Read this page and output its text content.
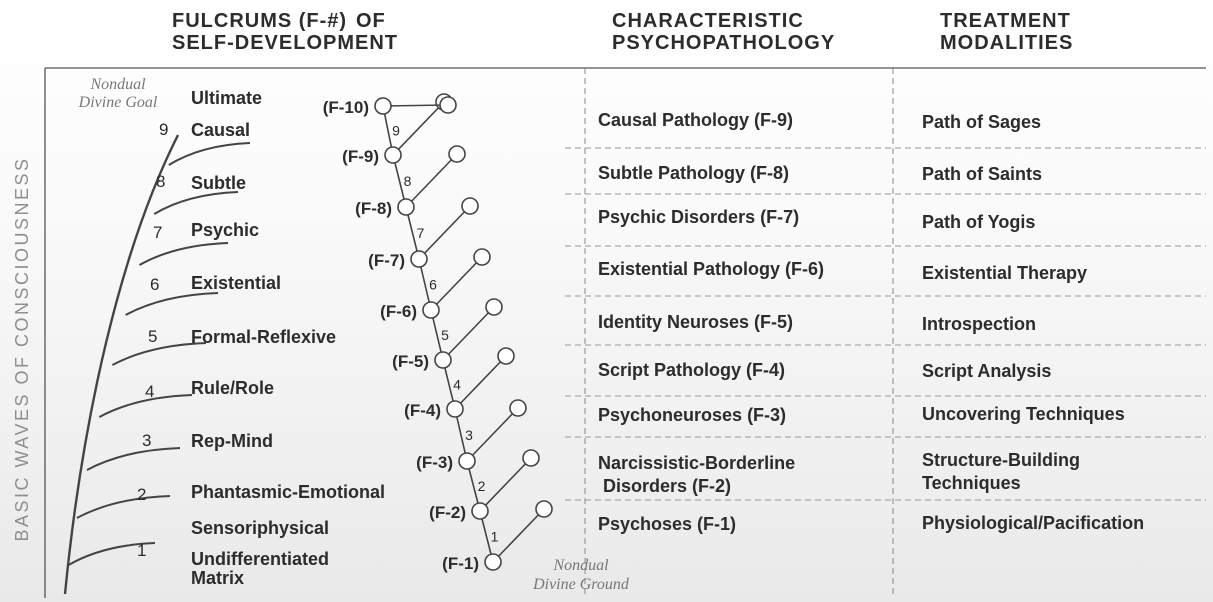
FULCRUMS (F-#)
SELF-DEVELOPMENT
OF	CHARACTERISTIC
PSYCHOPATHOLOGY
TREATMENT
MODALITIES
BASIC WAVES OF CONSCIOUSNESS
1 Undifferentiated
Matrix
Sensoriphysical
2 Phantasmic-Emotional
3 Rep-Mind
4 Rule/Role
5 Formal-Reflexive
6 Existential
7 Psychic
8 Subtle
9 Causal
Ultimate
Nondual
Divine Goal
Nondual
Divine Ground
(F-1)
(F-2)
(F-3)
(F-4)
(F-5)
(F-6)
(F-7)
(F-8)
(F-9)
(F-10)
1
2
3
4
5
6
7
8
9
Causal Pathology (F-9)
Subtle Pathology (F-8)
Psychic Disorders (F-7)
Existential Pathology (F-6)
Identity Neuroses (F-5)
Script Pathology (F-4)
Psychoneuroses (F-3)
Narcissistic-Borderline
Disorders (F-2)
Psychoses (F-1)
Path of Sages
Path of Saints
Path of Yogis
Existential Therapy
Introspection
Script Analysis
Uncovering Techniques
Structure-Building
Techniques
Physiological/Pacification
